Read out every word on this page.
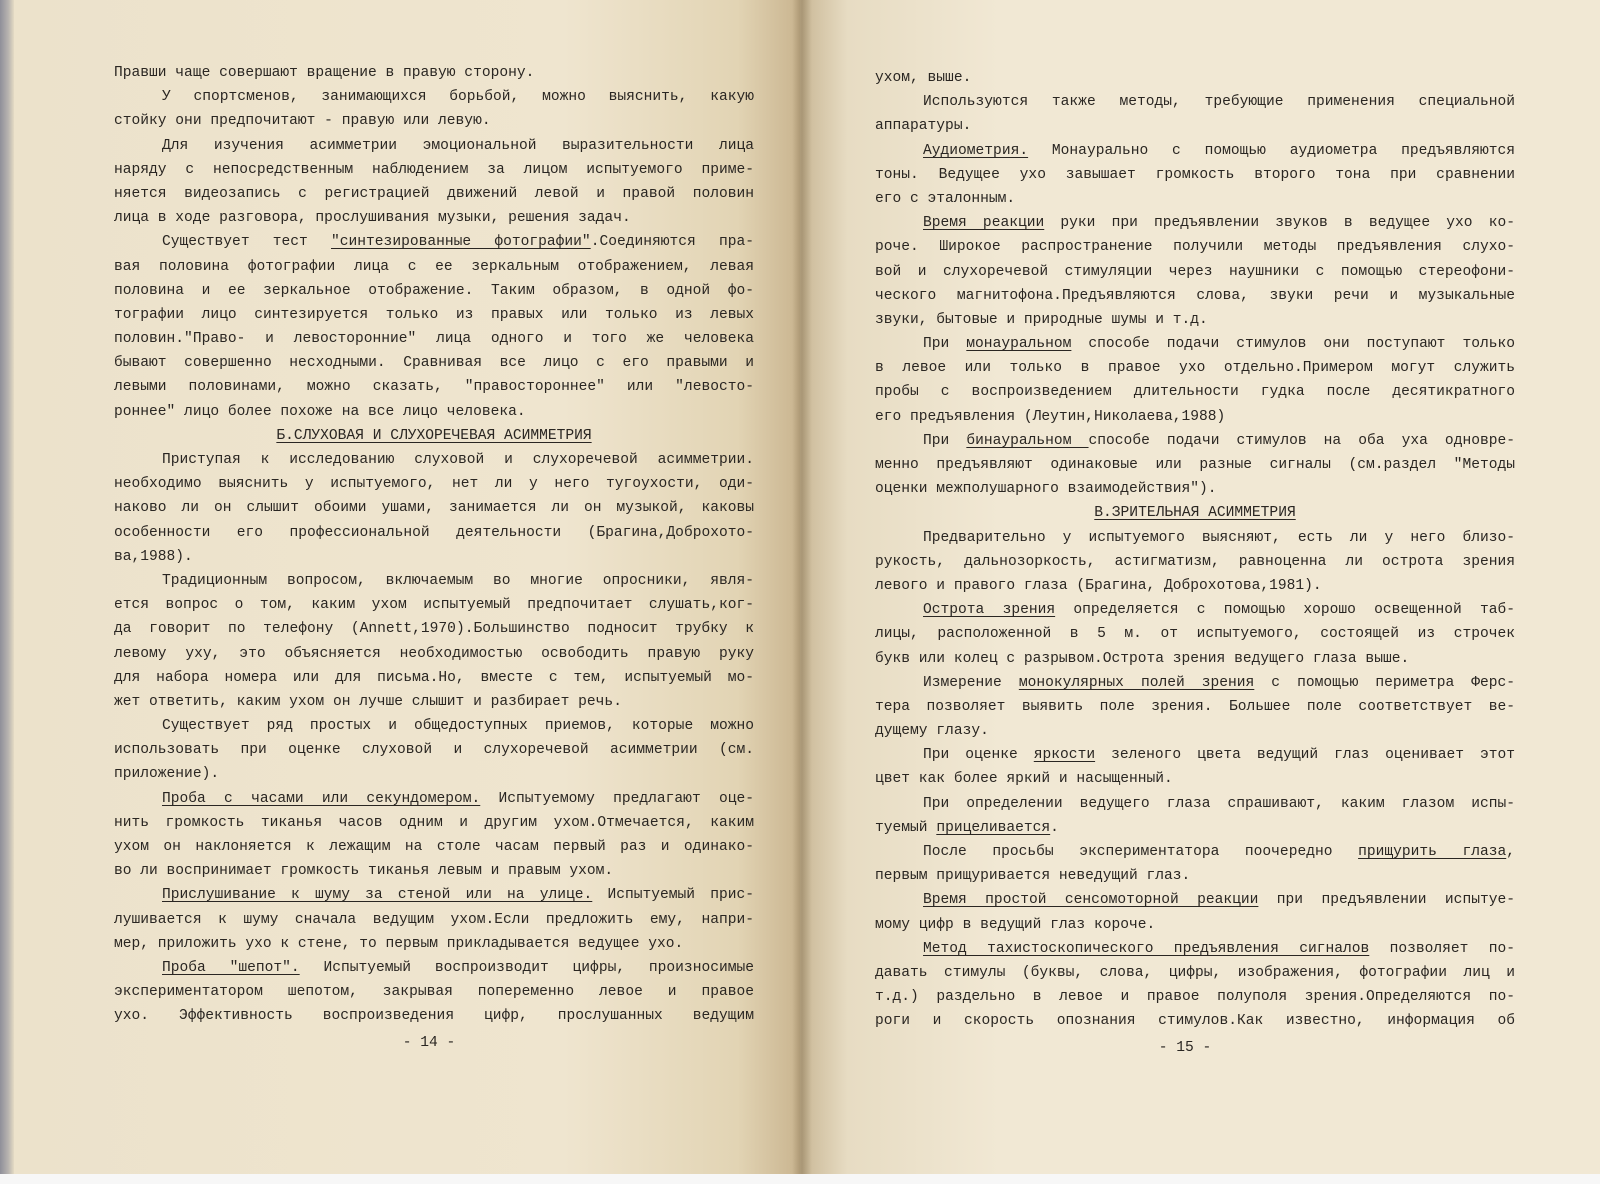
Правши чаще совершают вращение в правую сторону.
У спортсменов, занимающихся борьбой, можно выяснить, какую
стойку они предпочитают - правую или левую.
Для изучения асимметрии эмоциональной выразительности лица
наряду с непосредственным наблюдением за лицом испытуемого приме-
няется видеозапись с регистрацией движений левой и правой половин
лица в ходе разговора, прослушивания музыки, решения задач.
Существует тест "синтезированные фотографии".Соединяются пра-
вая половина фотографии лица с ее зеркальным отображением, левая
половина и ее зеркальное отображение. Таким образом, в одной фо-
тографии лицо синтезируется только из правых или только из левых
половин."Право- и левосторонние" лица одного и того же человека
бывают совершенно несходными. Сравнивая все лицо с его правыми и
левыми половинами, можно сказать, "правостороннее" или "левосто-
роннее" лицо более похоже на все лицо человека.
Б.СЛУХОВАЯ И СЛУХОРЕЧЕВАЯ АСИММЕТРИЯ
Приступая к исследованию слуховой и слухоречевой асимметрии.
необходимо выяснить у испытуемого, нет ли у него тугоухости, оди-
наково ли он слышит обоими ушами, занимается ли он музыкой, каковы
особенности его профессиональной деятельности (Брагина,Доброхото-
ва,1988).
Традиционным вопросом, включаемым во многие опросники, явля-
ется вопрос о том, каким ухом испытуемый предпочитает слушать,ког-
да говорит по телефону (Annett,1970).Большинство подносит трубку к
левому уху, это объясняется необходимостью освободить правую руку
для набора номера или для письма.Но, вместе с тем, испытуемый мо-
жет ответить, каким ухом он лучше слышит и разбирает речь.
Существует ряд простых и общедоступных приемов, которые можно
использовать при оценке слуховой и слухоречевой асимметрии (см.
приложение).
Проба с часами или секундомером. Испытуемому предлагают оце-
нить громкость тиканья часов одним и другим ухом.Отмечается, каким
ухом он наклоняется к лежащим на столе часам первый раз и одинако-
во ли воспринимает громкость тиканья левым и правым ухом.
Прислушивание к шуму за стеной или на улице. Испытуемый прис-
лушивается к шуму сначала ведущим ухом.Если предложить ему, напри-
мер, приложить ухо к стене, то первым прикладывается ведущее ухо.
Проба "шепот". Испытуемый воспроизводит цифры, произносимые
экспериментатором шепотом, закрывая попеременно левое и правое
ухо. Эффективность воспроизведения цифр, прослушанных ведущим
- 14 -
ухом, выше.
Используются также методы, требующие применения специальной
аппаратуры.
Аудиометрия. Монаурально с помощью аудиометра предъявляются
тоны. Ведущее ухо завышает громкость второго тона при сравнении
его с эталонным.
Время реакции руки при предъявлении звуков в ведущее ухо ко-
роче. Широкое распространение получили методы предъявления слухо-
вой и слухоречевой стимуляции через наушники с помощью стереофони-
ческого магнитофона.Предъявляются слова, звуки речи и музыкальные
звуки, бытовые и природные шумы и т.д.
При монауральном способе подачи стимулов они поступают только
в левое или только в правое ухо отдельно.Примером могут служить
пробы с воспроизведением длительности гудка после десятикратного
его предъявления (Леутин,Николаева,1988)
При бинауральном способе подачи стимулов на оба уха одновре-
менно предъявляют одинаковые или разные сигналы (см.раздел "Методы
оценки межполушарного взаимодействия").
В.ЗРИТЕЛЬНАЯ АСИММЕТРИЯ
Предварительно у испытуемого выясняют, есть ли у него близо-
рукость, дальнозоркость, астигматизм, равноценна ли острота зрения
левого и правого глаза (Брагина, Доброхотова,1981).
Острота зрения определяется с помощью хорошо освещенной таб-
лицы, расположенной в 5 м. от испытуемого, состоящей из строчек
букв или колец с разрывом.Острота зрения ведущего глаза выше.
Измерение монокулярных полей зрения с помощью периметра Ферс-
тера позволяет выявить поле зрения. Большее поле соответствует ве-
дущему глазу.
При оценке яркости зеленого цвета ведущий глаз оценивает этот
цвет как более яркий и насыщенный.
При определении ведущего глаза спрашивают, каким глазом испы-
туемый прицеливается.
После просьбы экспериментатора поочередно прищурить глаза,
первым прищуривается неведущий глаз.
Время простой сенсомоторной реакции при предъявлении испытуе-
мому цифр в ведущий глаз короче.
Метод тахистоскопического предъявления сигналов позволяет по-
давать стимулы (буквы, слова, цифры, изображения, фотографии лиц и
т.д.) раздельно в левое и правое полуполя зрения.Определяются по-
роги и скорость опознания стимулов.Как известно, информация об
- 15 -
